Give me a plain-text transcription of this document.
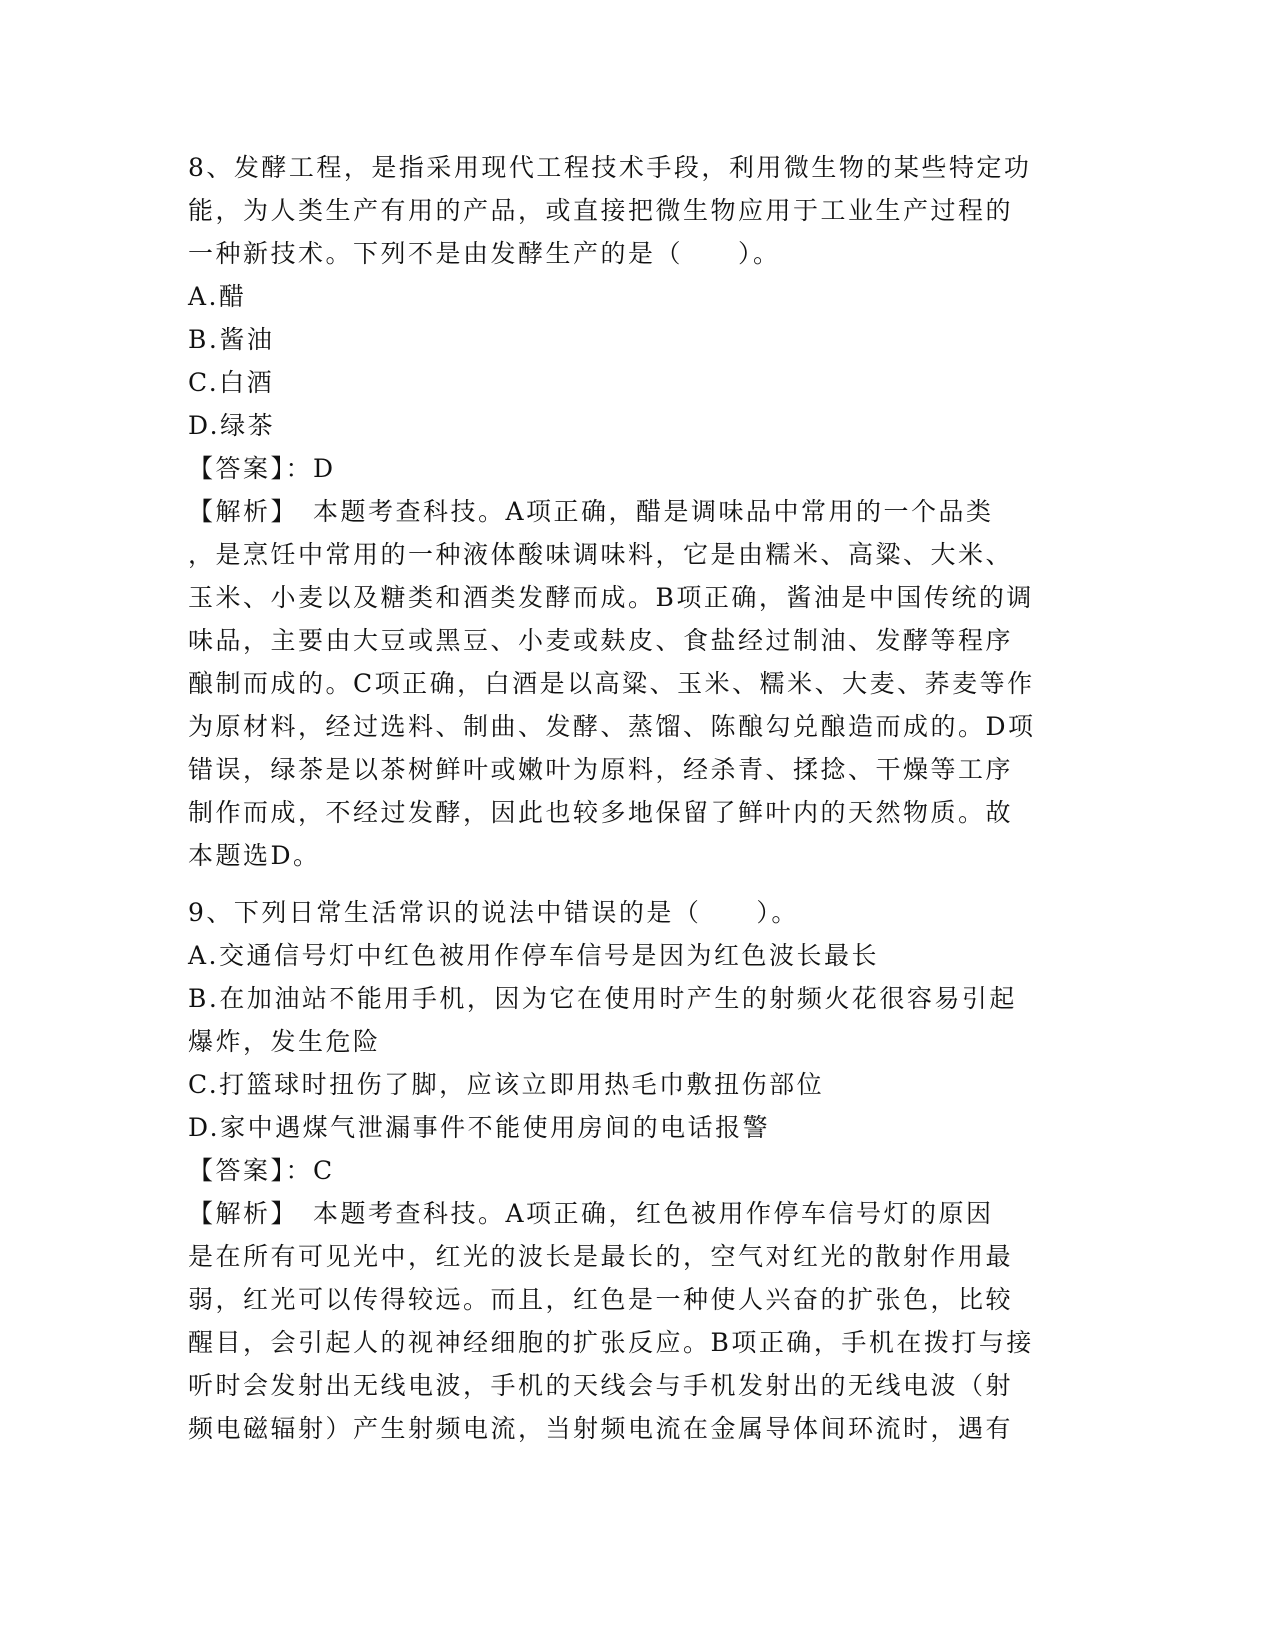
8、发酵工程，是指采用现代工程技术手段，利用微生物的某些特定功

能，为人类生产有用的产品，或直接把微生物应用于工业生产过程的

一种新技术。下列不是由发酵生产的是（　　）。

A.醋

B.酱油

C.白酒

D.绿茶

【答案】：D

【解析】　本题考查科技。A项正确，醋是调味品中常用的一个品类

，是烹饪中常用的一种液体酸味调味料，它是由糯米、高粱、大米、

玉米、小麦以及糖类和酒类发酵而成。B项正确，酱油是中国传统的调

味品，主要由大豆或黑豆、小麦或麸皮、食盐经过制油、发酵等程序

酿制而成的。C项正确，白酒是以高粱、玉米、糯米、大麦、荞麦等作

为原材料，经过选料、制曲、发酵、蒸馏、陈酿勾兑酿造而成的。D项

错误，绿茶是以茶树鲜叶或嫩叶为原料，经杀青、揉捻、干燥等工序

制作而成，不经过发酵，因此也较多地保留了鲜叶内的天然物质。故

本题选D。

9、下列日常生活常识的说法中错误的是（　　）。

A.交通信号灯中红色被用作停车信号是因为红色波长最长

B.在加油站不能用手机，因为它在使用时产生的射频火花很容易引起

爆炸，发生危险

C.打篮球时扭伤了脚，应该立即用热毛巾敷扭伤部位

D.家中遇煤气泄漏事件不能使用房间的电话报警

【答案】：C

【解析】　本题考查科技。A项正确，红色被用作停车信号灯的原因

是在所有可见光中，红光的波长是最长的，空气对红光的散射作用最

弱，红光可以传得较远。而且，红色是一种使人兴奋的扩张色，比较

醒目，会引起人的视神经细胞的扩张反应。B项正确，手机在拨打与接

听时会发射出无线电波，手机的天线会与手机发射出的无线电波（射

频电磁辐射）产生射频电流，当射频电流在金属导体间环流时，遇有
